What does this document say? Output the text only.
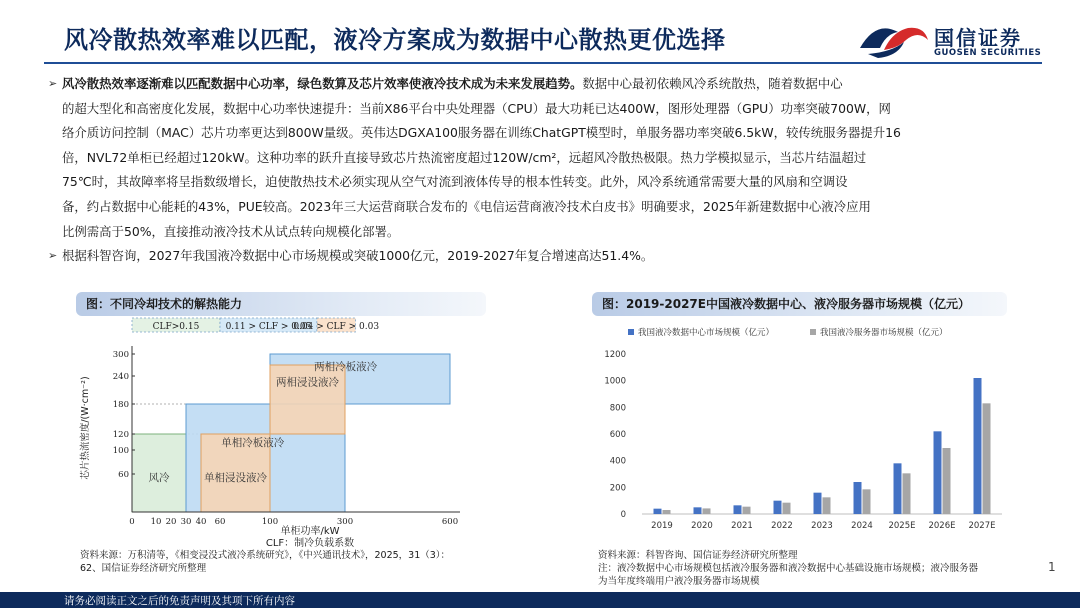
风冷散热效率难以匹配，液冷方案成为数据中心散热更优选择	国信证券
GUOSEN SECURITIES
➢ 风冷散热效率逐渐难以匹配数据中心功率，绿色数算及芯片效率使液冷技术成为未来发展趋势。数据中心最初依赖风冷系统散热，随着数据中心
的超大型化和高密度化发展，数据中心功率快速提升：当前X86平台中央处理器（CPU）最大功耗已达400W，图形处理器（GPU）功率突破700W，网
络介质访问控制（MAC）芯片功率更达到800W量级。英伟达DGXA100服务器在训练ChatGPT模型时，单服务器功率突破6.5kW，较传统服务器提升16
倍，NVL72单柜已经超过120kW。这种功率的跃升直接导致芯片热流密度超过120W/cm²，远超风冷散热极限。热力学模拟显示，当芯片结温超过
75℃时，其故障率将呈指数级增长，迫使散热技术必须实现从空气对流到液体传导的根本性转变。此外，风冷系统通常需要大量的风扇和空调设
备，约占数据中心能耗的43%，PUE较高。2023年三大运营商联合发布的《电信运营商液冷技术白皮书》明确要求，2025年新建数据中心液冷应用
比例需高于50%，直接推动液冷技术从试点转向规模化部署。
➢ 根据科智咨询，2027年我国液冷数据中心市场规模或突破1000亿元，2019-2027年复合增速高达51.4%。
图：不同冷却技术的解热能力	图：2019-2027E中国液冷数据中心、液冷服务器市场规模（亿元）
CLF>0.15	0.11 > CLF > 0.05
0.04 > CLF > 0.03
风冷
单相冷板液冷
单相浸没液冷
两相冷板液冷
两相浸没液冷
60
100
120
180
240
300
0 10 20 30 40 60	100	300	600
单柜功率/kW
CLF：制冷负载系数
芯片热流密度/(W·cm⁻²)
0
200
400
600
800
1000
1200
2019 2020 2021 2022 2023 2024 2025E 2026E 2027E
我国液冷数据中心市场规模（亿元）	我国液冷服务器市场规模（亿元）
资料来源：万积清等，《相变浸没式液冷系统研究》，《中兴通讯技术》，2025，31（3）：
62、国信证券经济研究所整理
资料来源：科智咨询、国信证券经济研究所整理
注：液冷数据中心市场规模包括液冷服务器和液冷数据中心基础设施市场规模；液冷服务器
为当年度终端用户液冷服务器市场规模
1
请务必阅读正文之后的免责声明及其项下所有内容
